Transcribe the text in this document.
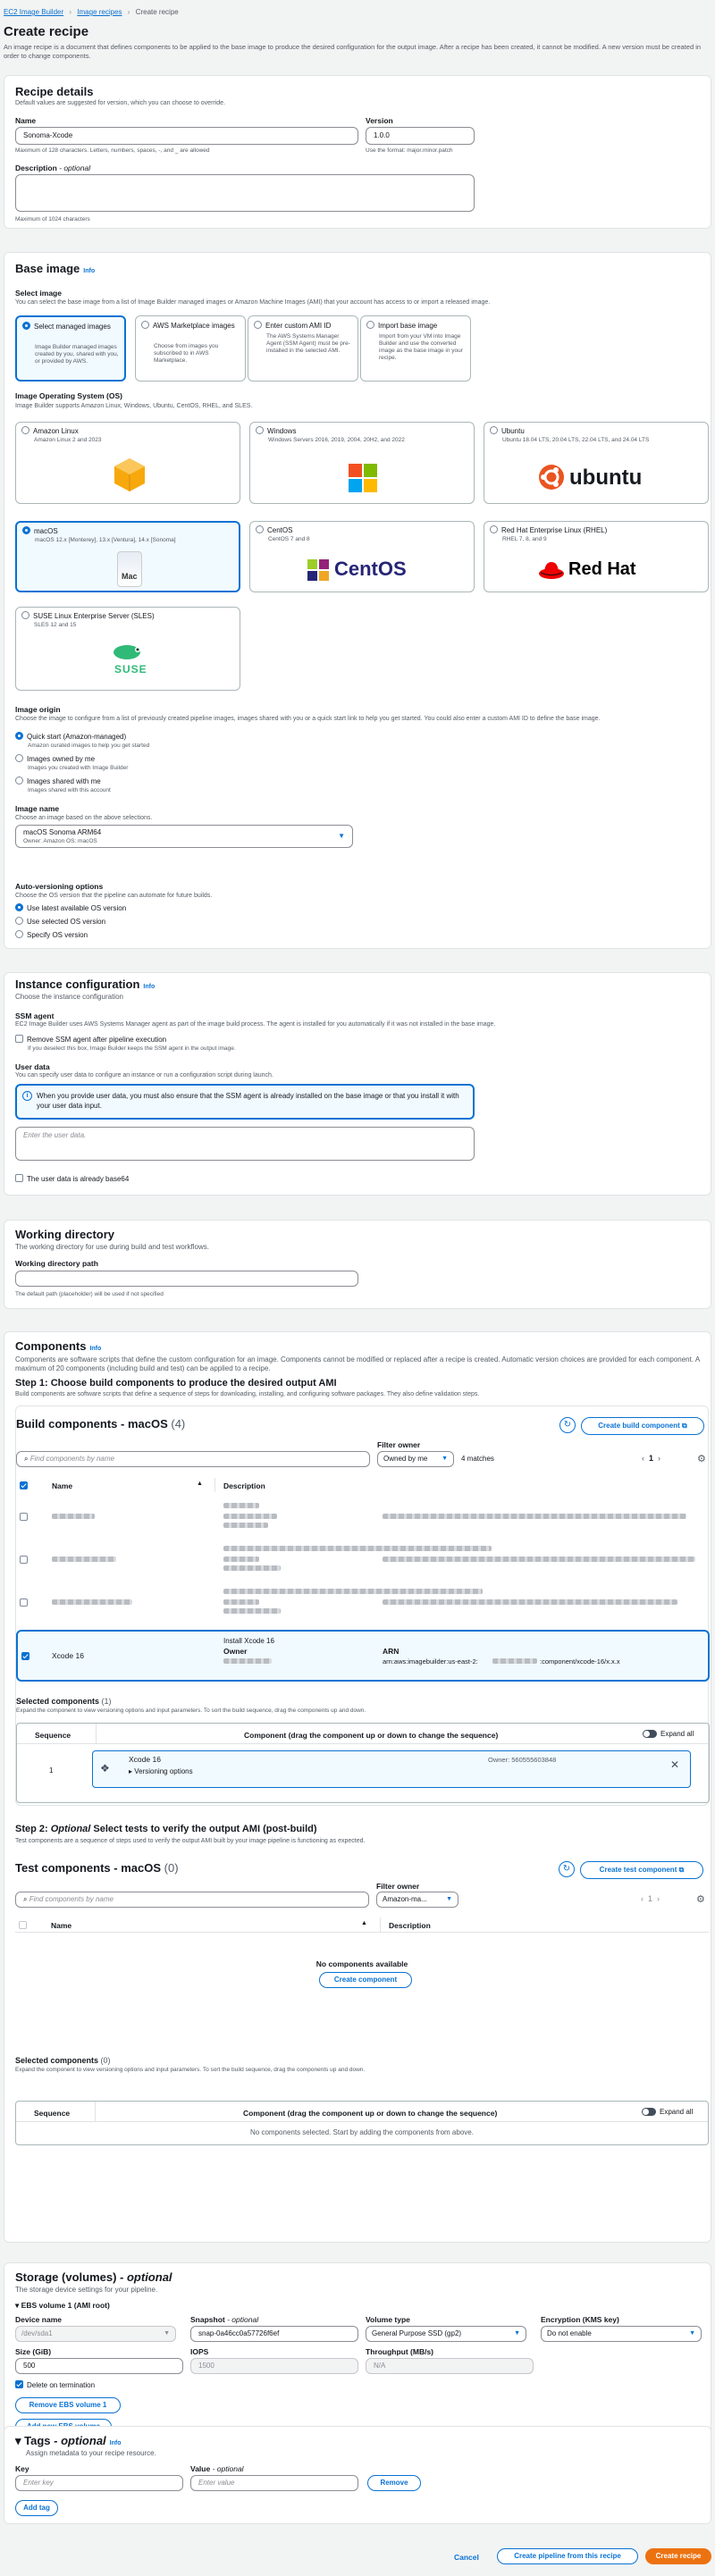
EC2 Image Builder › Image recipes › Create recipe
Create recipe
An image recipe is a document that defines components to be applied to the base image to produce the desired configuration for the output image. After a recipe has been created, it cannot be modified. A new version must be created in order to change components.
Recipe details
Default values are suggested for version, which you can choose to override.
Name
Sonoma-Xcode
Maximum of 128 characters. Letters, numbers, spaces, -, and _ are allowed
Version
1.0.0
Use the format: major.minor.patch
Description - optional
Maximum of 1024 characters
Base image Info
Select image
You can select the base image from a list of Image Builder managed images or Amazon Machine Images (AMI) that your account has access to or import a released image.
Select managed images
Image Builder managed images created by you, shared with you, or provided by AWS.
AWS Marketplace images
Choose from images you subscribed to in AWS Marketplace.
Enter custom AMI ID
The AWS Systems Manager Agent (SSM Agent) must be pre-installed in the selected AMI.
Import base image
Import from your VM into Image Builder and use the converted image as the base image in your recipe.
Image Operating System (OS)
Image Builder supports Amazon Linux, Windows, Ubuntu, CentOS, RHEL, and SLES.
Amazon Linux
Amazon Linux 2 and 2023
Windows
Windows Servers 2016, 2019, 2004, 20H2, and 2022
Ubuntu
Ubuntu 18.04 LTS, 20.04 LTS, 22.04 LTS, and 24.04 LTS
ubuntu
macOS
macOS 12.x [Monterey], 13.x [Ventura], 14.x [Sonoma]
Mac
CentOS
CentOS 7 and 8
CentOS
Red Hat Enterprise Linux (RHEL)
RHEL 7, 8, and 9
Red Hat
SUSE Linux Enterprise Server (SLES)
SLES 12 and 15
SUSE
Image origin
Choose the image to configure from a list of previously created pipeline images, images shared with you or a quick start link to help you get started. You could also enter a custom AMI ID to define the base image.
Quick start (Amazon-managed)
Amazon curated images to help you get started
Images owned by me
Images you created with Image Builder
Images shared with me
Images shared with this account
Image name
Choose an image based on the above selections.
macOS Sonoma ARM64
Owner: Amazon OS: macOS
▼
Auto-versioning options
Choose the OS version that the pipeline can automate for future builds.
Use latest available OS version
Use selected OS version
Specify OS version
Instance configuration Info
Choose the instance configuration
SSM agent
EC2 Image Builder uses AWS Systems Manager agent as part of the image build process. The agent is installed for you automatically if it was not installed in the base image.
Remove SSM agent after pipeline execution
If you deselect this box, Image Builder keeps the SSM agent in the output image.
User data
You can specify user data to configure an instance or run a configuration script during launch.
i	When you provide user data, you must also ensure that the SSM agent is already installed on the base image or that you install it with your user data input.
Enter the user data.
The user data is already base64
Working directory
The working directory for use during build and test workflows.
Working directory path
The default path (placeholder) will be used if not specified
Components Info
Components are software scripts that define the custom configuration for an image. Components cannot be modified or replaced after a recipe is created. Automatic version choices are provided for each component. A maximum of 20 components (including build and test) can be applied to a recipe.
Step 1: Choose build components to produce the desired output AMI
Build components are software scripts that define a sequence of steps for downloading, installing, and configuring software packages. They also define validation steps.
Build components - macOS (4)	↻	Create build component ⧉
Filter owner
⌕ Find components by name	Owned by me ▼ 4 matches	‹ 1 ›	⚙
Name	▲	Description
Xcode 16
Install Xcode 16
Owner	ARN
arn:aws:imagebuilder:us-east-2:	:component/xcode-16/x.x.x
Selected components (1)
Expand the component to view versioning options and input parameters. To sort the build sequence, drag the components up and down.
Sequence	Component (drag the component up or down to change the sequence)	Expand all
1	❖
Xcode 16
▸ Versioning options
Owner: 560555603848	✕
Step 2: Optional Select tests to verify the output AMI (post-build)
Test components are a sequence of steps used to verify the output AMI built by your image pipeline is functioning as expected.
Test components - macOS (0)	↻	Create test component ⧉
Filter owner
⌕ Find components by name	Amazon-ma...	▼	‹ 1 ›	⚙
Name	▲	Description
No components available
Create component
Selected components (0)
Expand the component to view versioning options and input parameters. To sort the build sequence, drag the components up and down.
Sequence	Component (drag the component up or down to change the sequence)	Expand all
No components selected. Start by adding the components from above.
Storage (volumes) - optional
The storage device settings for your pipeline.
▾ EBS volume 1 (AMI root)
Device name
/dev/sda1	▼
Snapshot - optional
snap-0a46cc0a57726f6ef
Volume type
General Purpose SSD (gp2)	▼
Encryption (KMS key)
Do not enable	▼
Size (GiB)
500
IOPS
1500
Throughput (MB/s)
N/A
Delete on termination
Remove EBS volume 1
▾ Tags - optional Info
Assign metadata to your recipe resource.
Key
Enter key
Value - optional
Enter value	Remove
Add tag
Cancel	Create pipeline from this recipe	Create recipe
